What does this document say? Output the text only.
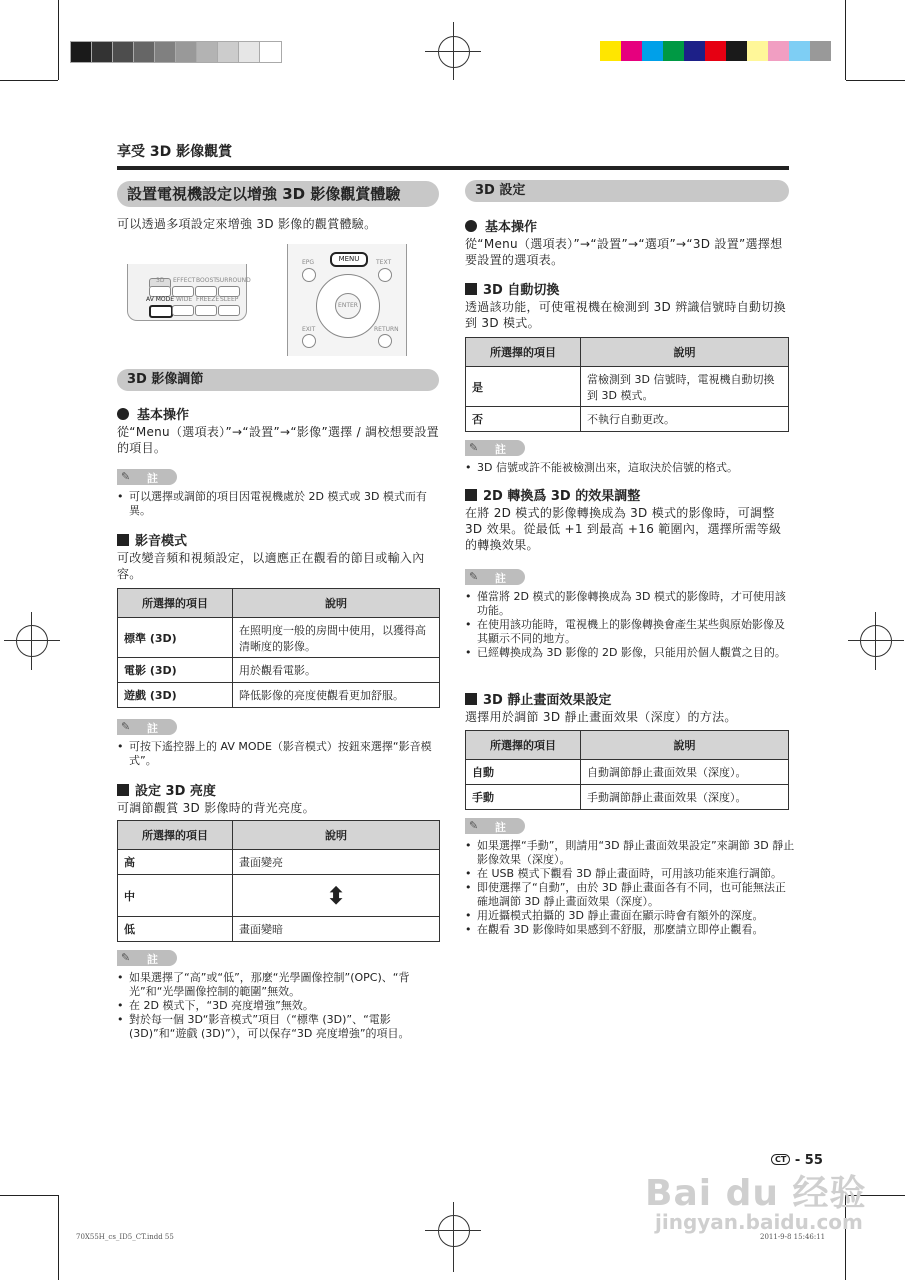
享受 3D 影像觀賞
設置電視機設定以增強 3D 影像觀賞體驗
可以透過多項設定來增強 3D 影像的觀賞體驗。
3D EFFECT BOOST SURROUND
AV MODE WIDE FREEZE SLEEP
EPG	MENU	TEXT
ENTER
EXIT	RETURN
3D 影像調節
基本操作
從“Menu（選項表）”→“設置”→“影像”選擇 / 調校想要設置的項目。
✎ 註
• 可以選擇或調節的項目因電視機處於 2D 模式或 3D 模式而有異。
影音模式
可改變音頻和視頻設定，以適應正在觀看的節目或輸入內容。
所選擇的項目	說明
標準 (3D)	在照明度一般的房間中使用，以獲得高清晰度的影像。
電影 (3D)	用於觀看電影。
遊戲 (3D)	降低影像的亮度使觀看更加舒服。
✎ 註
• 可按下遙控器上的 AV MODE（影音模式）按鈕來選擇“影音模式”。
設定 3D 亮度
可調節觀賞 3D 影像時的背光亮度。
所選擇的項目	說明
高	畫面變亮
中	⬍
低	畫面變暗
✎ 註
• 如果選擇了“高”或“低”，那麼“光學圖像控制”(OPC)、“背光”和“光學圖像控制的範圍”無效。
• 在 2D 模式下，“3D 亮度增強”無效。
• 對於每一個 3D“影音模式”項目（“標準 (3D)”、“電影 (3D)”和“遊戲 (3D)”），可以保存“3D 亮度增強”的項目。
3D 設定
基本操作
從“Menu（選項表）”→“設置”→“選項”→“3D 設置”選擇想要設置的選項表。
3D 自動切換
透過該功能，可使電視機在檢測到 3D 辨識信號時自動切換到 3D 模式。
所選擇的項目	說明
是	當檢測到 3D 信號時，電視機自動切換到 3D 模式。
否	不執行自動更改。
✎ 註
• 3D 信號或許不能被檢測出來，這取決於信號的格式。
2D 轉換爲 3D 的效果調整
在將 2D 模式的影像轉換成為 3D 模式的影像時，可調整 3D 效果。從最低 +1 到最高 +16 範圍內，選擇所需等級的轉換效果。
✎ 註
• 僅當將 2D 模式的影像轉換成為 3D 模式的影像時，才可使用該功能。
• 在使用該功能時，電視機上的影像轉換會產生某些與原始影像及其顯示不同的地方。
• 已經轉換成為 3D 影像的 2D 影像，只能用於個人觀賞之目的。
3D 靜止畫面效果設定
選擇用於調節 3D 靜止畫面效果（深度）的方法。
所選擇的項目	說明
自動	自動調節靜止畫面效果（深度）。
手動	手動調節靜止畫面效果（深度）。
✎ 註
• 如果選擇“手動”，則請用“3D 靜止畫面效果設定”來調節 3D 靜止影像效果（深度）。
• 在 USB 模式下觀看 3D 靜止畫面時，可用該功能來進行調節。
• 即使選擇了“自動”，由於 3D 靜止畫面各有不同，也可能無法正確地調節 3D 靜止畫面效果（深度）。
• 用近攝模式拍攝的 3D 靜止畫面在顯示時會有額外的深度。
• 在觀看 3D 影像時如果感到不舒服，那麼請立即停止觀看。
CT - 55
Bai du 经验
jingyan.baidu.com
70X55H_cs_ID5_CT.indd 55	2011-9-8 15:46:11
